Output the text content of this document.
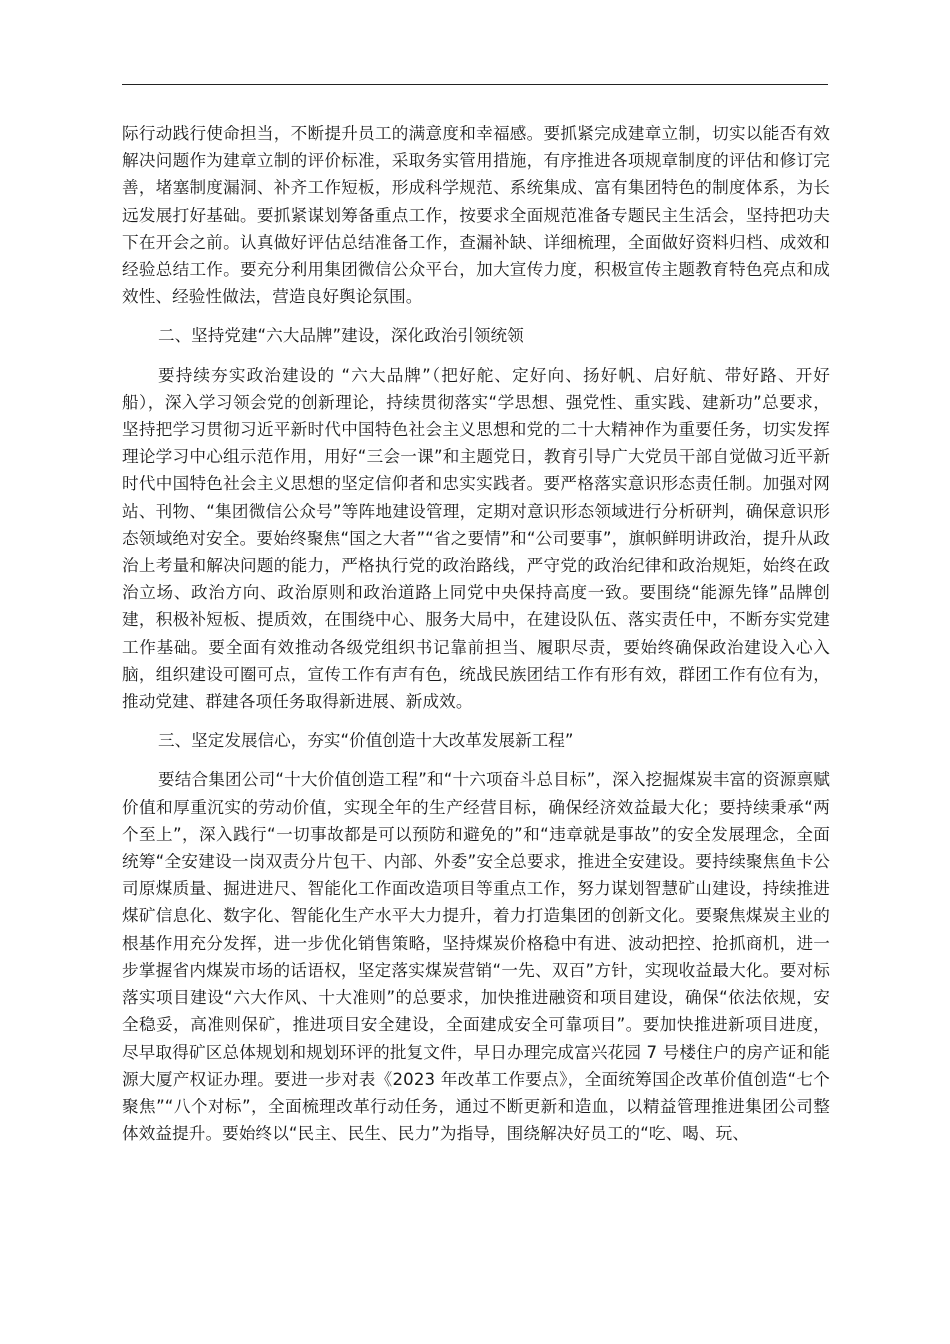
际行动践行使命担当，不断提升员工的满意度和幸福感。要抓紧完成建章立制，切实以能否有效解决问题作为建章立制的评价标准，采取务实管用措施，有序推进各项规章制度的评估和修订完善，堵塞制度漏洞、补齐工作短板，形成科学规范、系统集成、富有集团特色的制度体系，为长远发展打好基础。要抓紧谋划筹备重点工作，按要求全面规范准备专题民主生活会，坚持把功夫下在开会之前。认真做好评估总结准备工作，查漏补缺、详细梳理，全面做好资料归档、成效和经验总结工作。要充分利用集团微信公众平台，加大宣传力度，积极宣传主题教育特色亮点和成效性、经验性做法，营造良好舆论氛围。

二、坚持党建“六大品牌”建设，深化政治引领统领

要持续夯实政治建设的 “六大品牌”（把好舵、定好向、扬好帆、启好航、带好路、开好船），深入学习领会党的创新理论，持续贯彻落实“学思想、强党性、重实践、建新功”总要求，坚持把学习贯彻习近平新时代中国特色社会主义思想和党的二十大精神作为重要任务，切实发挥理论学习中心组示范作用，用好“三会一课”和主题党日，教育引导广大党员干部自觉做习近平新时代中国特色社会主义思想的坚定信仰者和忠实实践者。要严格落实意识形态责任制。加强对网站、刊物、“集团微信公众号”等阵地建设管理，定期对意识形态领域进行分析研判，确保意识形态领域绝对安全。要始终聚焦“国之大者”“省之要情”和“公司要事”，旗帜鲜明讲政治，提升从政治上考量和解决问题的能力，严格执行党的政治路线，严守党的政治纪律和政治规矩，始终在政治立场、政治方向、政治原则和政治道路上同党中央保持高度一致。要围绕“能源先锋”品牌创建，积极补短板、提质效，在围绕中心、服务大局中，在建设队伍、落实责任中，不断夯实党建工作基础。要全面有效推动各级党组织书记靠前担当、履职尽责，要始终确保政治建设入心入脑，组织建设可圈可点，宣传工作有声有色，统战民族团结工作有形有效，群团工作有位有为，推动党建、群建各项任务取得新进展、新成效。

三、坚定发展信心，夯实“价值创造十大改革发展新工程”

要结合集团公司“十大价值创造工程”和“十六项奋斗总目标”，深入挖掘煤炭丰富的资源禀赋价值和厚重沉实的劳动价值，实现全年的生产经营目标，确保经济效益最大化；要持续秉承“两个至上”，深入践行“一切事故都是可以预防和避免的”和“违章就是事故”的安全发展理念，全面统筹“全安建设一岗双责分片包干、内部、外委”安全总要求，推进全安建设。要持续聚焦鱼卡公司原煤质量、掘进进尺、智能化工作面改造项目等重点工作，努力谋划智慧矿山建设，持续推进煤矿信息化、数字化、智能化生产水平大力提升，着力打造集团的创新文化。要聚焦煤炭主业的根基作用充分发挥，进一步优化销售策略，坚持煤炭价格稳中有进、波动把控、抢抓商机，进一步掌握省内煤炭市场的话语权，坚定落实煤炭营销“一先、双百”方针，实现收益最大化。要对标落实项目建设“六大作风、十大准则”的总要求，加快推进融资和项目建设，确保“依法依规，安全稳妥，高准则保矿，推进项目安全建设，全面建成安全可靠项目”。要加快推进新项目进度，尽早取得矿区总体规划和规划环评的批复文件，早日办理完成富兴花园 7 号楼住户的房产证和能源大厦产权证办理。要进一步对表《2023 年改革工作要点》，全面统筹国企改革价值创造“七个聚焦”“八个对标”，全面梳理改革行动任务，通过不断更新和造血，以精益管理推进集团公司整体效益提升。要始终以“民主、民生、民力”为指导，围绕解决好员工的“吃、喝、玩、
